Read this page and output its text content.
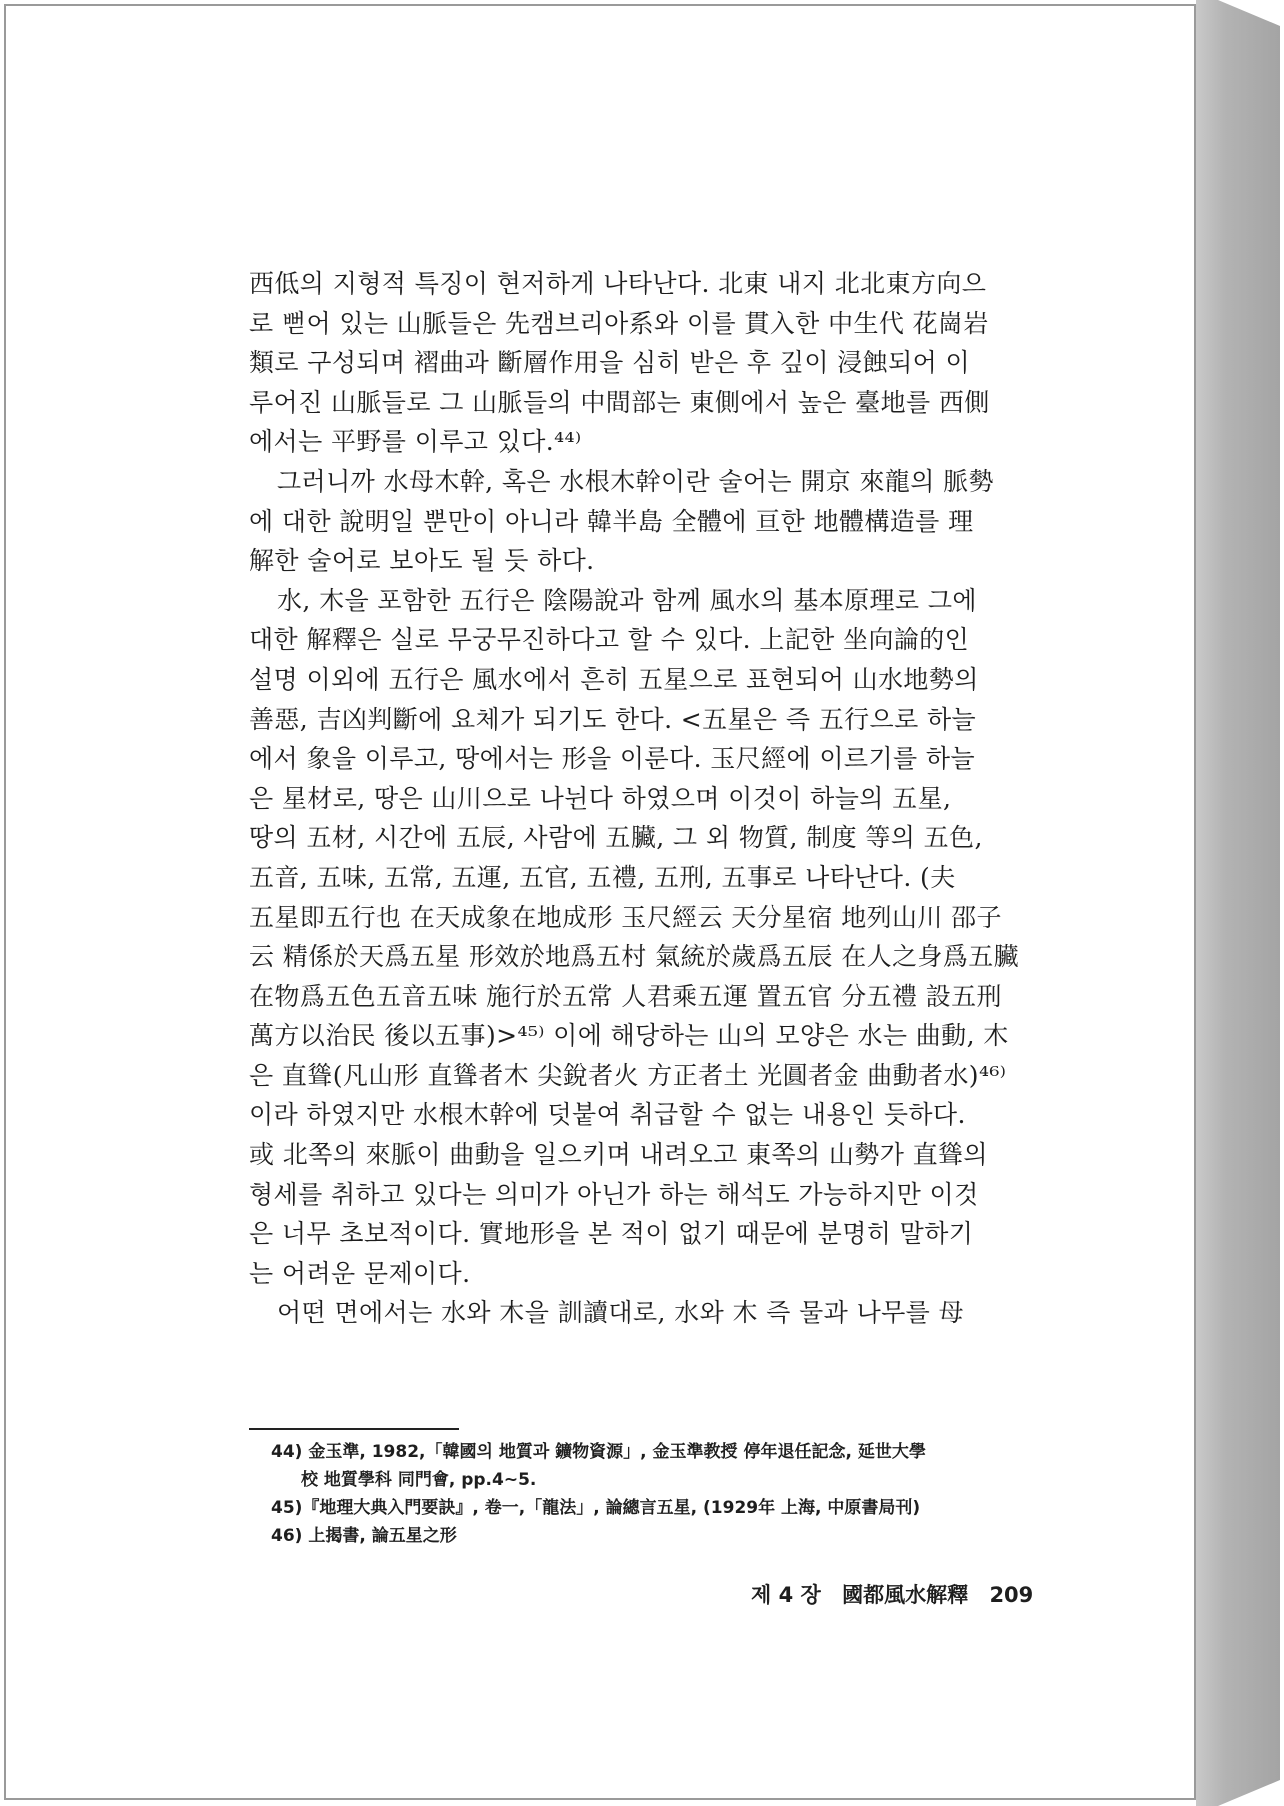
西低의 지형적 특징이 현저하게 나타난다. 北東 내지 北北東方向으
로 뻗어 있는 山脈들은 先캠브리아系와 이를 貫入한 中生代 花崗岩
類로 구성되며 褶曲과 斷層作用을 심히 받은 후 깊이 浸蝕되어 이
루어진 山脈들로 그 山脈들의 中間部는 東側에서 높은 臺地를 西側
에서는 平野를 이루고 있다.⁴⁴⁾
그러니까 水母木幹, 혹은 水根木幹이란 술어는 開京 來龍의 脈勢
에 대한 說明일 뿐만이 아니라 韓半島 全體에 亘한 地體構造를 理
解한 술어로 보아도 될 듯 하다.
水, 木을 포함한 五行은 陰陽說과 함께 風水의 基本原理로 그에
대한 解釋은 실로 무궁무진하다고 할 수 있다. 上記한 坐向論的인
설명 이외에 五行은 風水에서 흔히 五星으로 표현되어 山水地勢의
善惡, 吉凶判斷에 요체가 되기도 한다. <五星은 즉 五行으로 하늘
에서 象을 이루고, 땅에서는 形을 이룬다. 玉尺經에 이르기를 하늘
은 星材로, 땅은 山川으로 나뉜다 하였으며 이것이 하늘의 五星,
땅의 五材, 시간에 五辰, 사람에 五臟, 그 외 物質, 制度 等의 五色,
五音, 五味, 五常, 五運, 五官, 五禮, 五刑, 五事로 나타난다. (夫
五星即五行也 在天成象在地成形 玉尺經云 天分星宿 地列山川 邵子
云 精係於天爲五星 形效於地爲五村 氣統於歲爲五辰 在人之身爲五臟
在物爲五色五音五味 施行於五常 人君乘五運 置五官 分五禮 設五刑
萬方以治民 後以五事)>⁴⁵⁾ 이에 해당하는 山의 모양은 水는 曲動, 木
은 直聳(凡山形 直聳者木 尖銳者火 方正者土 光圓者金 曲動者水)⁴⁶⁾
이라 하였지만 水根木幹에 덧붙여 취급할 수 없는 내용인 듯하다.
或 北쪽의 來脈이 曲動을 일으키며 내려오고 東쪽의 山勢가 直聳의
형세를 취하고 있다는 의미가 아닌가 하는 해석도 가능하지만 이것
은 너무 초보적이다. 實地形을 본 적이 없기 때문에 분명히 말하기
는 어려운 문제이다.
어떤 면에서는 水와 木을 訓讀대로, 水와 木 즉 물과 나무를 母
44) 金玉準, 1982,「韓國의 地質과 鑛物資源」, 金玉準教授 停年退任記念, 延世大學
校 地質學科 同門會, pp.4~5.
45)『地理大典入門要訣』, 卷一,「龍法」, 論總言五星, (1929年 上海, 中原書局刊)
46) 上揭書, 論五星之形
제 4 장 國都風水解釋 209
